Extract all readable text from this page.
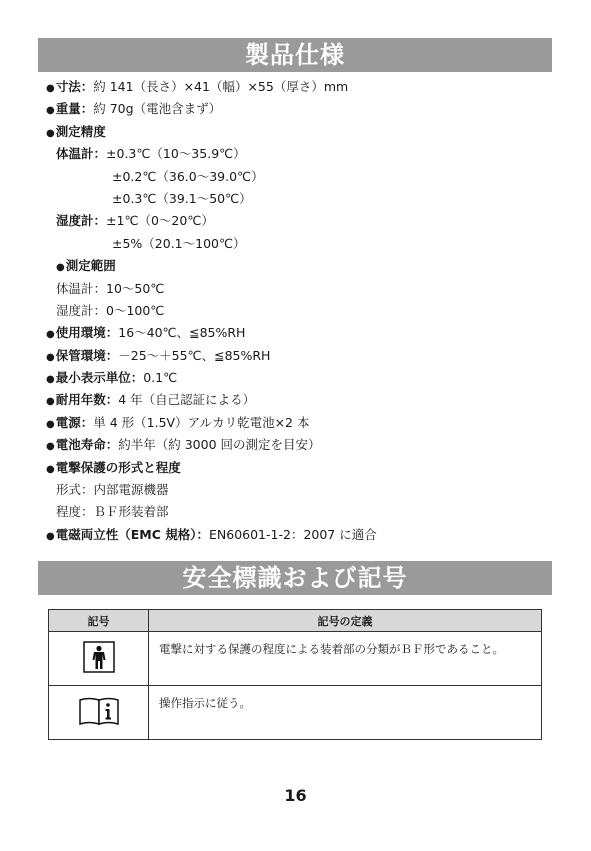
製品仕様
● 寸法：約 141（長さ）×41（幅）×55（厚さ）mm
● 重量：約 70g（電池含まず）
● 測定精度
体温計：±0.3℃（10～35.9℃）
±0.2℃（36.0～39.0℃）
±0.3℃（39.1～50℃）
湿度計：±1℃（0～20℃）
±5%（20.1～100℃）
● 測定範囲
体温計：10～50℃
湿度計：0～100℃
● 使用環境：16～40℃、≦85%RH
● 保管環境：－25～＋55℃、≦85%RH
● 最小表示単位：0.1℃
● 耐用年数：4 年（自己認証による）
● 電源：単 4 形（1.5V）アルカリ乾電池×2 本
● 電池寿命：約半年（約 3000 回の測定を目安）
● 電撃保護の形式と程度
形式：内部電源機器
程度：ＢＦ形装着部
● 電磁両立性（EMC 規格）：EN60601-1-2：2007 に適合
安全標識および記号
記号	記号の定義
	電撃に対する保護の程度による装着部の分類がＢＦ形であること。
	操作指示に従う。
16
